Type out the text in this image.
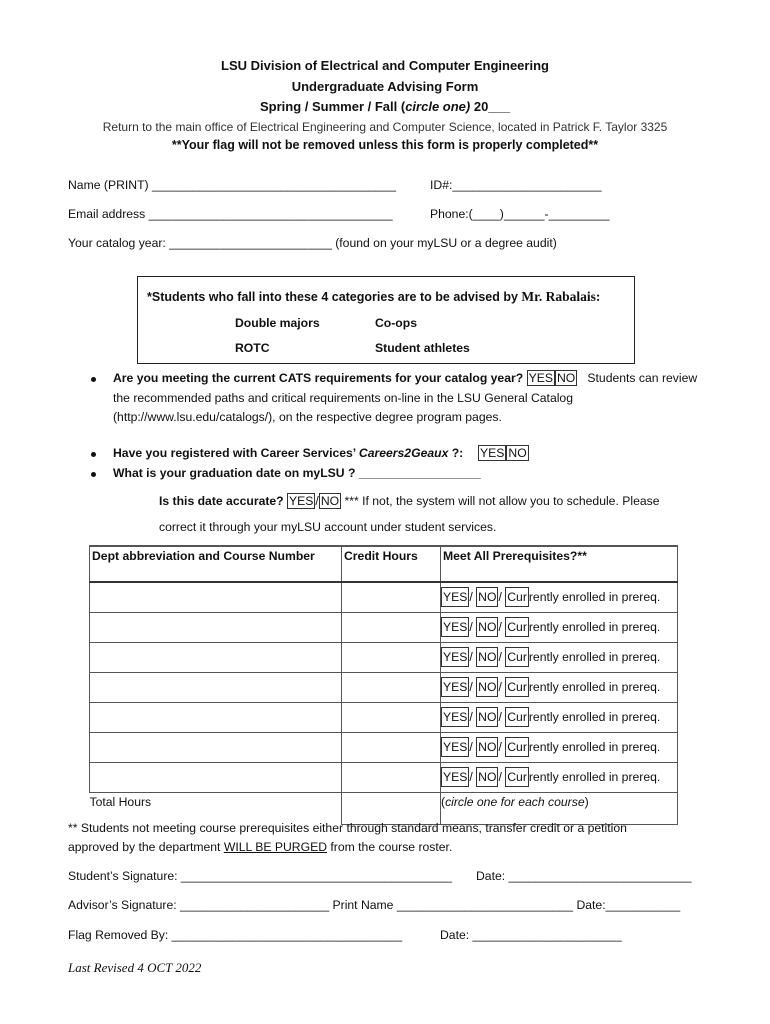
LSU Division of Electrical and Computer Engineering
Undergraduate Advising Form
Spring / Summer / Fall (circle one) 20___
Return to the main office of Electrical Engineering and Computer Science, located in Patrick F. Taylor 3325
**Your flag will not be removed unless this form is properly completed**
Name (PRINT) ____________________________________	ID#:______________________
Email address ____________________________________	Phone:(____)______-_________
Your catalog year: ________________________ (found on your myLSU or a degree audit)
*Students who fall into these 4 categories are to be advised by Mr. Rabalais:
Double majors	Co-ops
ROTC	Student athletes
Are you meeting the current CATS requirements for your catalog year? YES NO Students can review
the recommended paths and critical requirements on-line in the LSU General Catalog
(http://www.lsu.edu/catalogs/), on the respective degree program pages.
Have you registered with Career Services’ Careers2Geaux ?: YES NO
What is your graduation date on myLSU ? __________________
Is this date accurate? YES / NO *** If not, the system will not allow you to schedule. Please
correct it through your myLSU account under student services.
Dept abbreviation and Course Number	Credit Hours	Meet All Prerequisites?**
		YES / NO / Cur rently enrolled in prereq.
		YES / NO / Cur rently enrolled in prereq.
		YES / NO / Cur rently enrolled in prereq.
		YES / NO / Cur rently enrolled in prereq.
		YES / NO / Cur rently enrolled in prereq.
		YES / NO / Cur rently enrolled in prereq.
		YES / NO / Cur rently enrolled in prereq.
Total Hours		(circle one for each course)
** Students not meeting course prerequisites either through standard means, transfer credit or a petition
approved by the department WILL BE PURGED from the course roster.
Student’s Signature: ________________________________________ Date: ___________________________
Advisor’s Signature: ______________________ Print Name __________________________ Date:___________
Flag Removed By: __________________________________	Date: ______________________
Last Revised 4 OCT 2022
